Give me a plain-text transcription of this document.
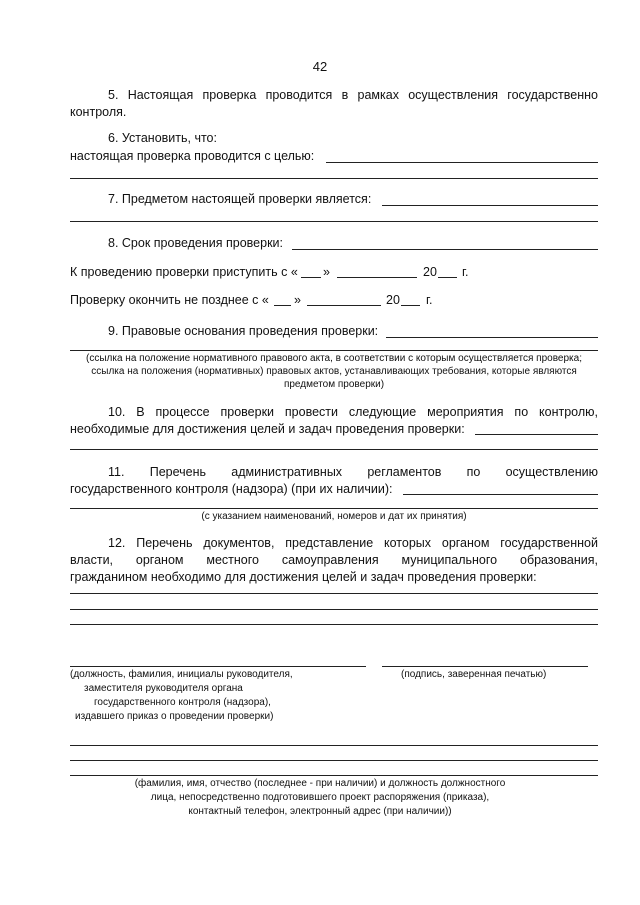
42
5. Настоящая проверка проводится в рамках осуществления государственно
контроля.
6. Установить, что:
настоящая проверка проводится с целью:
7. Предметом настоящей проверки является:
8. Срок проведения проверки:
К проведению проверки приступить с « »	20 г.
Проверку окончить не позднее с « »	20 г.
9. Правовые основания проведения проверки:
(ссылка на положение нормативного правового акта, в соответствии с которым осуществляется проверка;
ссылка на положения (нормативных) правовых актов, устанавливающих требования, которые являются
предметом проверки)
10. В процессе проверки провести следующие мероприятия по контролю,
необходимые для достижения целей и задач проведения проверки:
11. Перечень административных регламентов по осуществлению
государственного контроля (надзора) (при их наличии):
(с указанием наименований, номеров и дат их принятия)
12. Перечень документов, представление которых органом государственной
власти, органом местного самоуправления муниципального образования,
гражданином необходимо для достижения целей и задач проведения проверки:
(должность, фамилия, инициалы руководителя,
заместителя руководителя органа
государственного контроля (надзора),
издавшего приказ о проведении проверки)
(подпись, заверенная печатью)
(фамилия, имя, отчество (последнее - при наличии) и должность должностного
лица, непосредственно подготовившего проект распоряжения (приказа),
контактный телефон, электронный адрес (при наличии))
